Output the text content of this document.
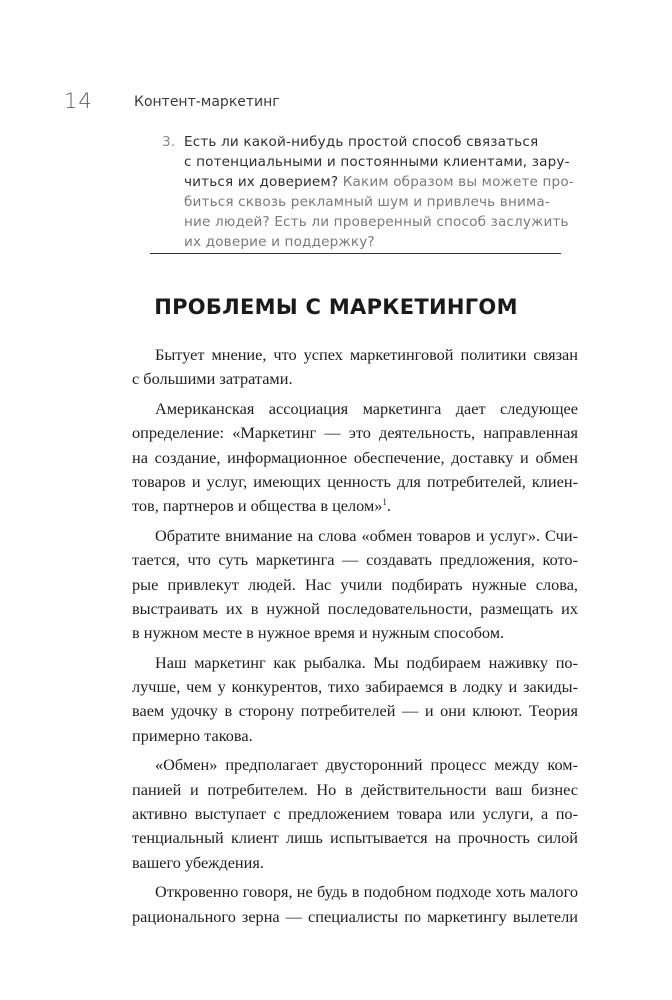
14	Контент-маркетинг
3. Есть ли какой-нибудь простой способ связаться
с потенциальными и постоянными клиентами, зару-
читься их доверием? Каким образом вы можете про-
биться сквозь рекламный шум и привлечь внима-
ние людей? Есть ли проверенный способ заслужить
их доверие и поддержку?
ПРОБЛЕМЫ С МАРКЕТИНГОМ
Бытует мнение, что успех маркетинговой политики связан
с большими затратами.
Американская ассоциация маркетинга дает следующее
определение: «Маркетинг — это деятельность, направленная
на создание, информационное обеспечение, доставку и обмен
товаров и услуг, имеющих ценность для потребителей, клиен-
тов, партнеров и общества в целом»$^1$.
Обратите внимание на слова «обмен товаров и услуг». Счи-
тается, что суть маркетинга — создавать предложения, кото-
рые привлекут людей. Нас учили подбирать нужные слова,
выстраивать их в нужной последовательности, размещать их
в нужном месте в нужное время и нужным способом.
Наш маркетинг как рыбалка. Мы подбираем наживку по-
лучше, чем у конкурентов, тихо забираемся в лодку и закиды-
ваем удочку в сторону потребителей — и они клюют. Теория
примерно такова.
«Обмен» предполагает двусторонний процесс между ком-
панией и потребителем. Но в действительности ваш бизнес
активно выступает с предложением товара или услуги, а по-
тенциальный клиент лишь испытывается на прочность силой
вашего убеждения.
Откровенно говоря, не будь в подобном подходе хоть малого
рационального зерна — специалисты по маркетингу вылетели
